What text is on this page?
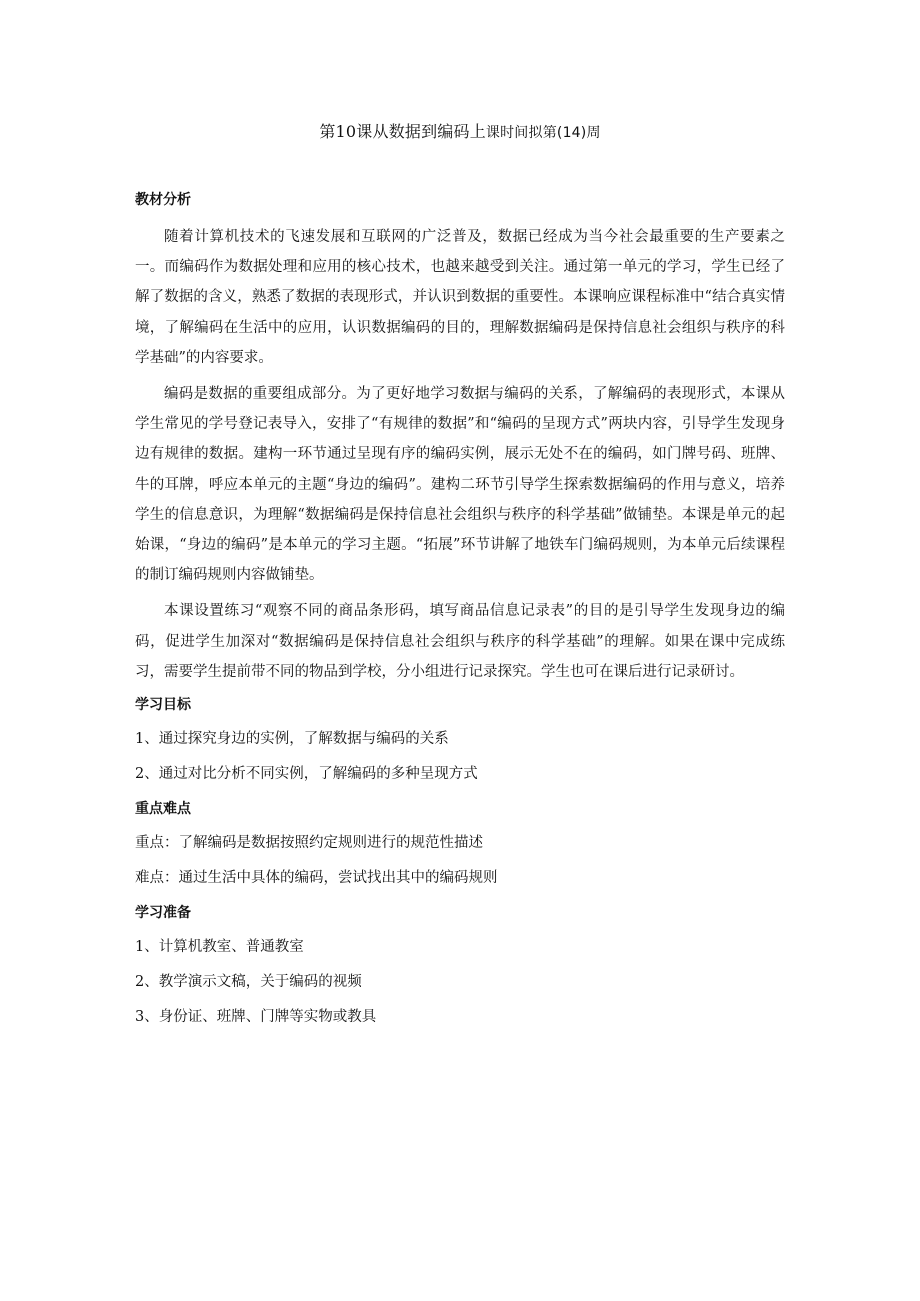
第10课从数据到编码上课时间拟第(14)周
教材分析

随着计算机技术的飞速发展和互联网的广泛普及，数据已经成为当今社会最重要的生产要素之一。而编码作为数据处理和应用的核心技术，也越来越受到关注。通过第一单元的学习，学生已经了解了数据的含义，熟悉了数据的表现形式，并认识到数据的重要性。本课响应课程标准中“结合真实情境，了解编码在生活中的应用，认识数据编码的目的，理解数据编码是保持信息社会组织与秩序的科学基础”的内容要求。

编码是数据的重要组成部分。为了更好地学习数据与编码的关系，了解编码的表现形式，本课从学生常见的学号登记表导入，安排了“有规律的数据”和“编码的呈现方式”两块内容，引导学生发现身边有规律的数据。建构一环节通过呈现有序的编码实例，展示无处不在的编码，如门牌号码、班牌、牛的耳牌，呼应本单元的主题“身边的编码”。建构二环节引导学生探索数据编码的作用与意义，培养学生的信息意识，为理解“数据编码是保持信息社会组织与秩序的科学基础”做铺垫。本课是单元的起始课，“身边的编码”是本单元的学习主题。“拓展”环节讲解了地铁车门编码规则，为本单元后续课程的制订编码规则内容做铺垫。

本课设置练习“观察不同的商品条形码，填写商品信息记录表”的目的是引导学生发现身边的编码，促进学生加深对“数据编码是保持信息社会组织与秩序的科学基础”的理解。如果在课中完成练习，需要学生提前带不同的物品到学校，分小组进行记录探究。学生也可在课后进行记录研讨。

学习目标
1、通过探究身边的实例，了解数据与编码的关系
2、通过对比分析不同实例，了解编码的多种呈现方式
重点难点
重点：了解编码是数据按照约定规则进行的规范性描述
难点：通过生活中具体的编码，尝试找出其中的编码规则
学习准备
1、计算机教室、普通教室
2、教学演示文稿，关于编码的视频
3、身份证、班牌、门牌等实物或教具
